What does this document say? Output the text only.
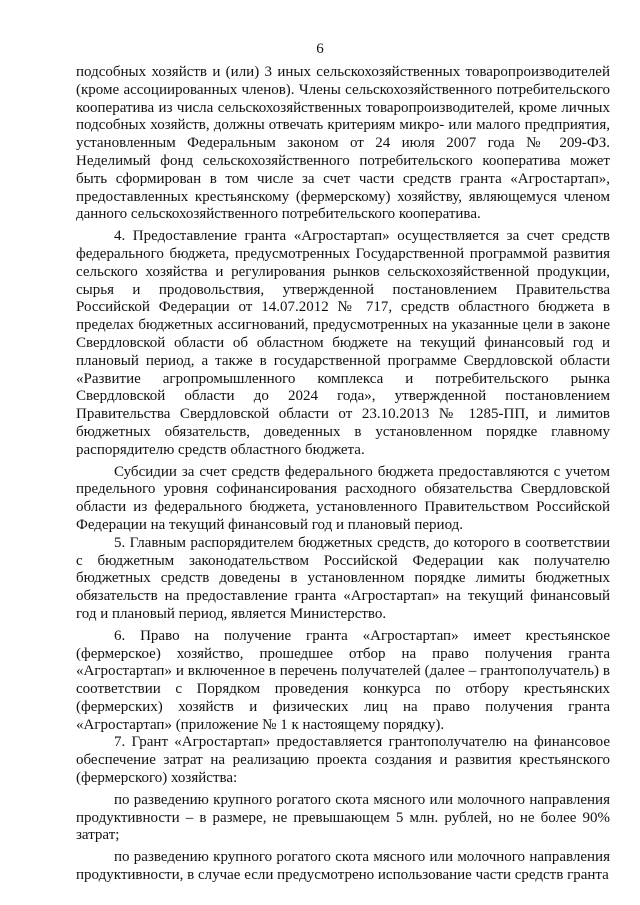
6

подсобных хозяйств и (или) 3 иных сельскохозяйственных товаропроизводителей (кроме ассоциированных членов). Члены сельскохозяйственного потребительского кооператива из числа сельскохозяйственных товаропроизводителей, кроме личных подсобных хозяйств, должны отвечать критериям микро- или малого предприятия, установленным Федеральным законом от 24 июля 2007 года № 209-ФЗ. Неделимый фонд сельскохозяйственного потребительского кооператива может быть сформирован в том числе за счет части средств гранта «Агростартап», предоставленных крестьянскому (фермерскому) хозяйству, являющемуся членом данного сельскохозяйственного потребительского кооператива.

4. Предоставление гранта «Агростартап» осуществляется за счет средств федерального бюджета, предусмотренных Государственной программой развития сельского хозяйства и регулирования рынков сельскохозяйственной продукции, сырья и продовольствия, утвержденной постановлением Правительства Российской Федерации от 14.07.2012 № 717, средств областного бюджета в пределах бюджетных ассигнований, предусмотренных на указанные цели в законе Свердловской области об областном бюджете на текущий финансовый год и плановый период, а также в государственной программе Свердловской области «Развитие агропромышленного комплекса и потребительского рынка Свердловской области до 2024 года», утвержденной постановлением Правительства Свердловской области от 23.10.2013 № 1285-ПП, и лимитов бюджетных обязательств, доведенных в установленном порядке главному распорядителю средств областного бюджета.

Субсидии за счет средств федерального бюджета предоставляются с учетом предельного уровня софинансирования расходного обязательства Свердловской области из федерального бюджета, установленного Правительством Российской Федерации на текущий финансовый год и плановый период.

5. Главным распорядителем бюджетных средств, до которого в соответствии с бюджетным законодательством Российской Федерации как получателю бюджетных средств доведены в установленном порядке лимиты бюджетных обязательств на предоставление гранта «Агростартап» на текущий финансовый год и плановый период, является Министерство.

6. Право на получение гранта «Агростартап» имеет крестьянское (фермерское) хозяйство, прошедшее отбор на право получения гранта «Агростартап» и включенное в перечень получателей (далее – грантополучатель) в соответствии с Порядком проведения конкурса по отбору крестьянских (фермерских) хозяйств и физических лиц на право получения гранта «Агростартап» (приложение № 1 к настоящему порядку).

7. Грант «Агростартап» предоставляется грантополучателю на финансовое обеспечение затрат на реализацию проекта создания и развития крестьянского (фермерского) хозяйства:

по разведению крупного рогатого скота мясного или молочного направления продуктивности – в размере, не превышающем 5 млн. рублей, но не более 90% затрат;

по разведению крупного рогатого скота мясного или молочного направления продуктивности, в случае если предусмотрено использование части средств гранта
